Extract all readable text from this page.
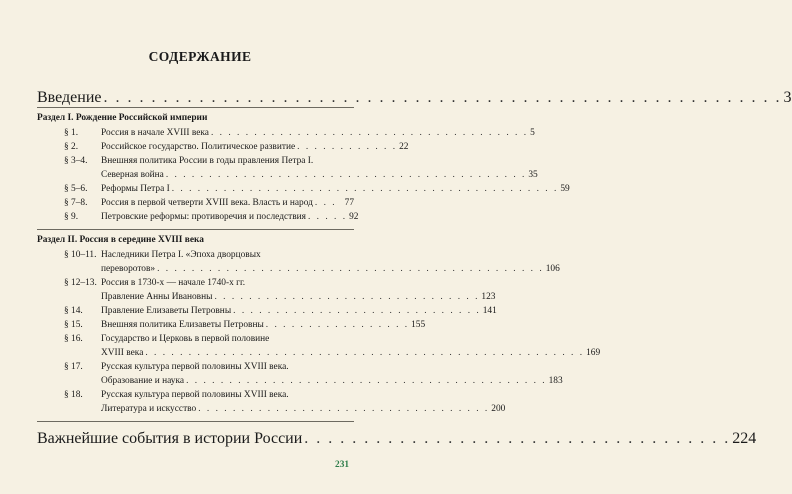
СОДЕРЖАНИЕ
Введение . . . . . . . . . . . . . . . . . . . . . . . . . . . . . . . . . . . . . . . . . . . . . . . . . . . . . . . . . 3
Раздел I. Рождение Российской империи
§ 1. Россия в начале XVIII века . . . . . . . . . . . . . . . . . . . . . . . . . . . . . . . . . . . . . 5
§ 2. Российское государство. Политическое развитие . . . . . . . . . . . . 22
§ 3–4. Внешняя политика России в годы правления Петра I.
Северная война . . . . . . . . . . . . . . . . . . . . . . . . . . . . . . . . . . . . . . . . . . 35
§ 5–6. Реформы Петра I . . . . . . . . . . . . . . . . . . . . . . . . . . . . . . . . . . . . . . . . . . . . . 59
§ 7–8. Россия в первой четверти XVIII века. Власть и народ . . . 77
§ 9. Петровские реформы: противоречия и последствия . . . . . 92
Раздел II. Россия в середине XVIII века
§ 10–11. Наследники Петра I. «Эпоха дворцовых
переворотов» . . . . . . . . . . . . . . . . . . . . . . . . . . . . . . . . . . . . . . . . . . . . . 106
§ 12–13. Россия в 1730-х — начале 1740-х гг.
Правление Анны Ивановны . . . . . . . . . . . . . . . . . . . . . . . . . . . . . . . 123
§ 14. Правление Елизаветы Петровны . . . . . . . . . . . . . . . . . . . . . . . . . . . . . 141
§ 15. Внешняя политика Елизаветы Петровны . . . . . . . . . . . . . . . . . 155
§ 16. Государство и Церковь в первой половине
XVIII века . . . . . . . . . . . . . . . . . . . . . . . . . . . . . . . . . . . . . . . . . . . . . . . . . . . 169
§ 17. Русская культура первой половины XVIII века.
Образование и наука . . . . . . . . . . . . . . . . . . . . . . . . . . . . . . . . . . . . . . . . . . 183
§ 18. Русская культура первой половины XVIII века.
Литература и искусство . . . . . . . . . . . . . . . . . . . . . . . . . . . . . . . . . . 200
Важнейшие события в истории России . . . . . . . . . . . . . . . . . . . . . . . . . . . . . . . . . . . . 224
231
